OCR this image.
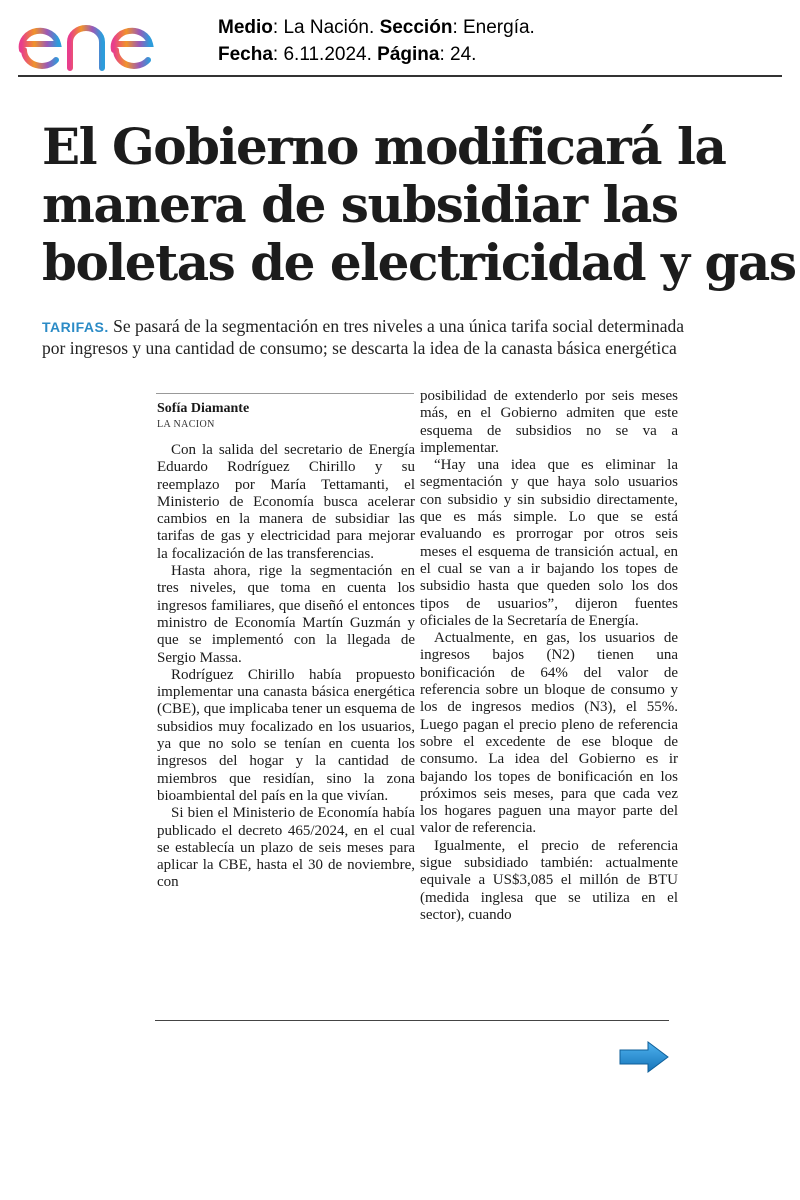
enel
Medio: La Nación. Sección: Energía.
Fecha: 6.11.2024. Página: 24.
El Gobierno modificará la
manera de subsidiar las
boletas de electricidad y gas
TARIFAS. Se pasará de la segmentación en tres niveles a una única tarifa social determinada
por ingresos y una cantidad de consumo; se descarta la idea de la canasta básica energética
Sofía Diamante
LA NACION

Con la salida del secretario de Energía Eduardo Rodríguez Chirillo y su reemplazo por María Tettamanti, el Ministerio de Economía busca acelerar cambios en la manera de subsidiar las tarifas de gas y electricidad para mejorar la focalización de las transferencias.

Hasta ahora, rige la segmentación en tres niveles, que toma en cuenta los ingresos familiares, que diseñó el entonces ministro de Economía Martín Guzmán y que se implementó con la llegada de Sergio Massa.

Rodríguez Chirillo había propuesto implementar una canasta básica energética (CBE), que implicaba tener un esquema de subsidios muy focalizado en los usuarios, ya que no solo se tenían en cuenta los ingresos del hogar y la cantidad de miembros que residían, sino la zona bioambiental del país en la que vivían.

Si bien el Ministerio de Economía había publicado el decreto 465/2024, en el cual se establecía un plazo de seis meses para aplicar la CBE, hasta el 30 de noviembre, con

posibilidad de extenderlo por seis meses más, en el Gobierno admiten que este esquema de subsidios no se va a implementar.

“Hay una idea que es eliminar la segmentación y que haya solo usuarios con subsidio y sin subsidio directamente, que es más simple. Lo que se está evaluando es prorrogar por otros seis meses el esquema de transición actual, en el cual se van a ir bajando los topes de subsidio hasta que queden solo los dos tipos de usuarios”, dijeron fuentes oficiales de la Secretaría de Energía.

Actualmente, en gas, los usuarios de ingresos bajos (N2) tienen una bonificación de 64% del valor de referencia sobre un bloque de consumo y los de ingresos medios (N3), el 55%. Luego pagan el precio pleno de referencia sobre el excedente de ese bloque de consumo. La idea del Gobierno es ir bajando los topes de bonificación en los próximos seis meses, para que cada vez los hogares paguen una mayor parte del valor de referencia.

Igualmente, el precio de referencia sigue subsidiado también: actualmente equivale a US$3,085 el millón de BTU (medida inglesa que se utiliza en el sector), cuando
